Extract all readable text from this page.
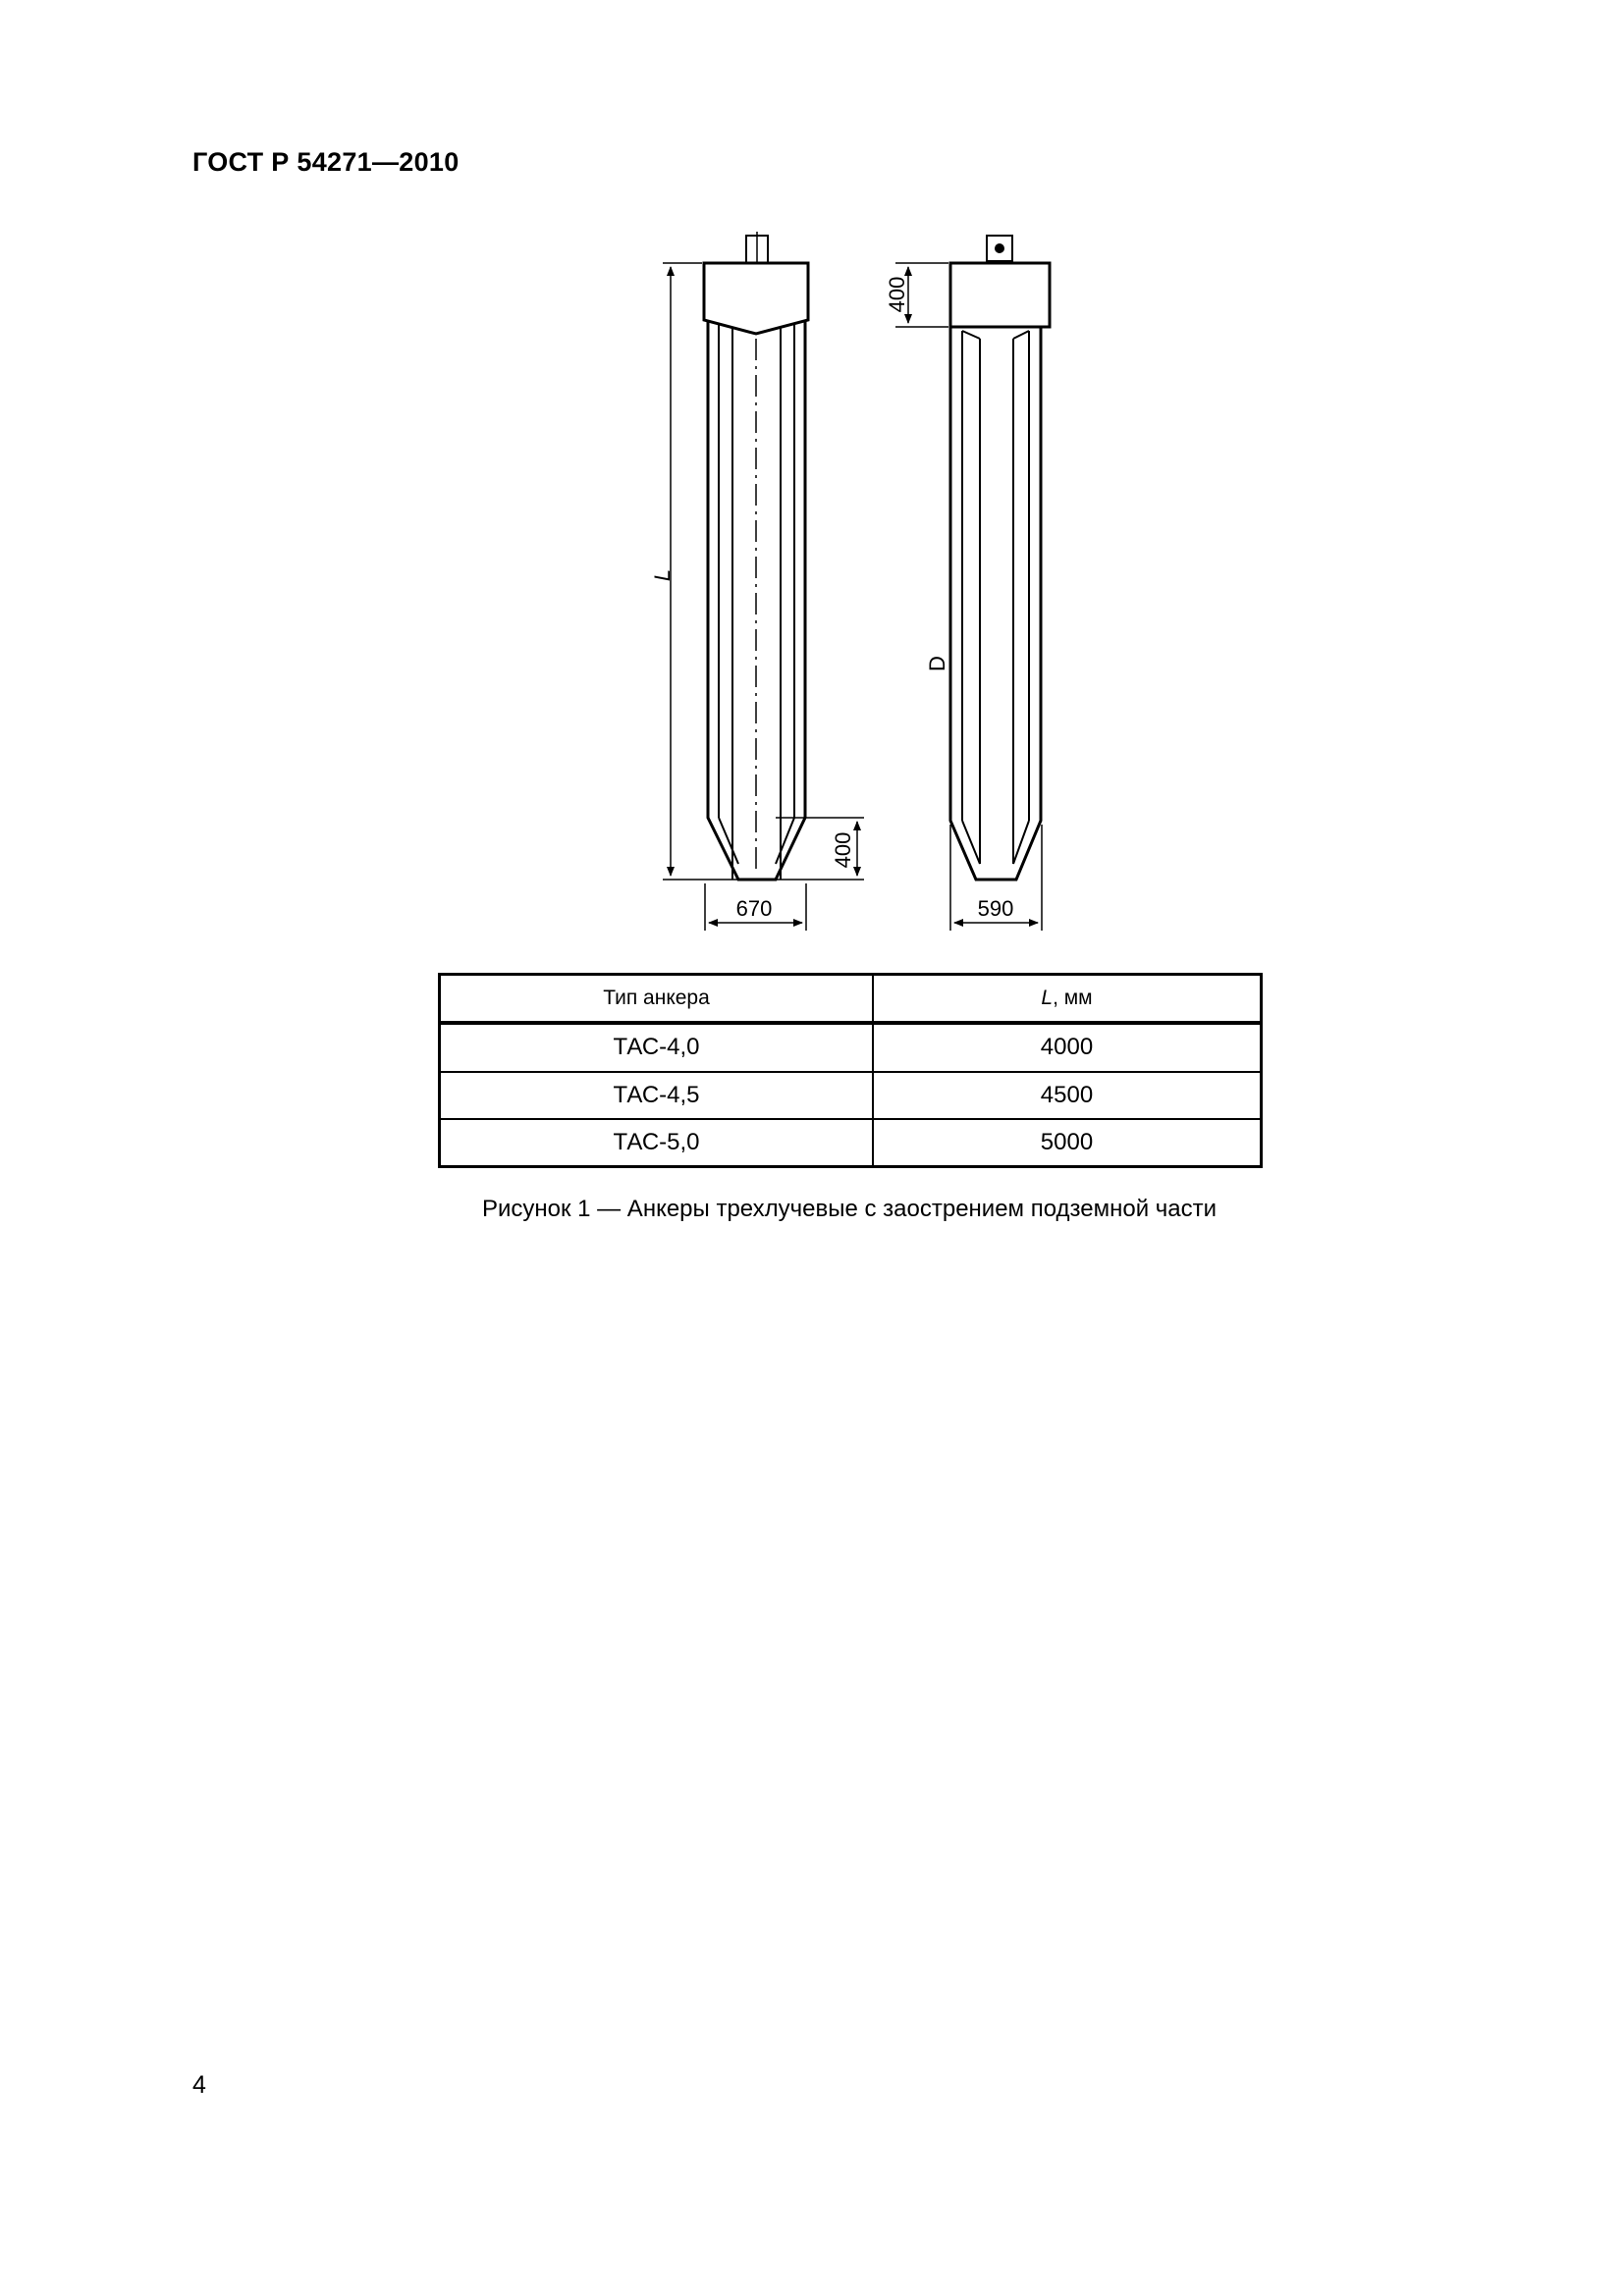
ГОСТ Р 54271—2010
L
400
670
400
D
590
Тип анкера	L, мм
ТАС-4,0	4000
ТАС-4,5	4500
ТАС-5,0	5000
Рисунок 1 — Анкеры трехлучевые с заострением подземной части
4
